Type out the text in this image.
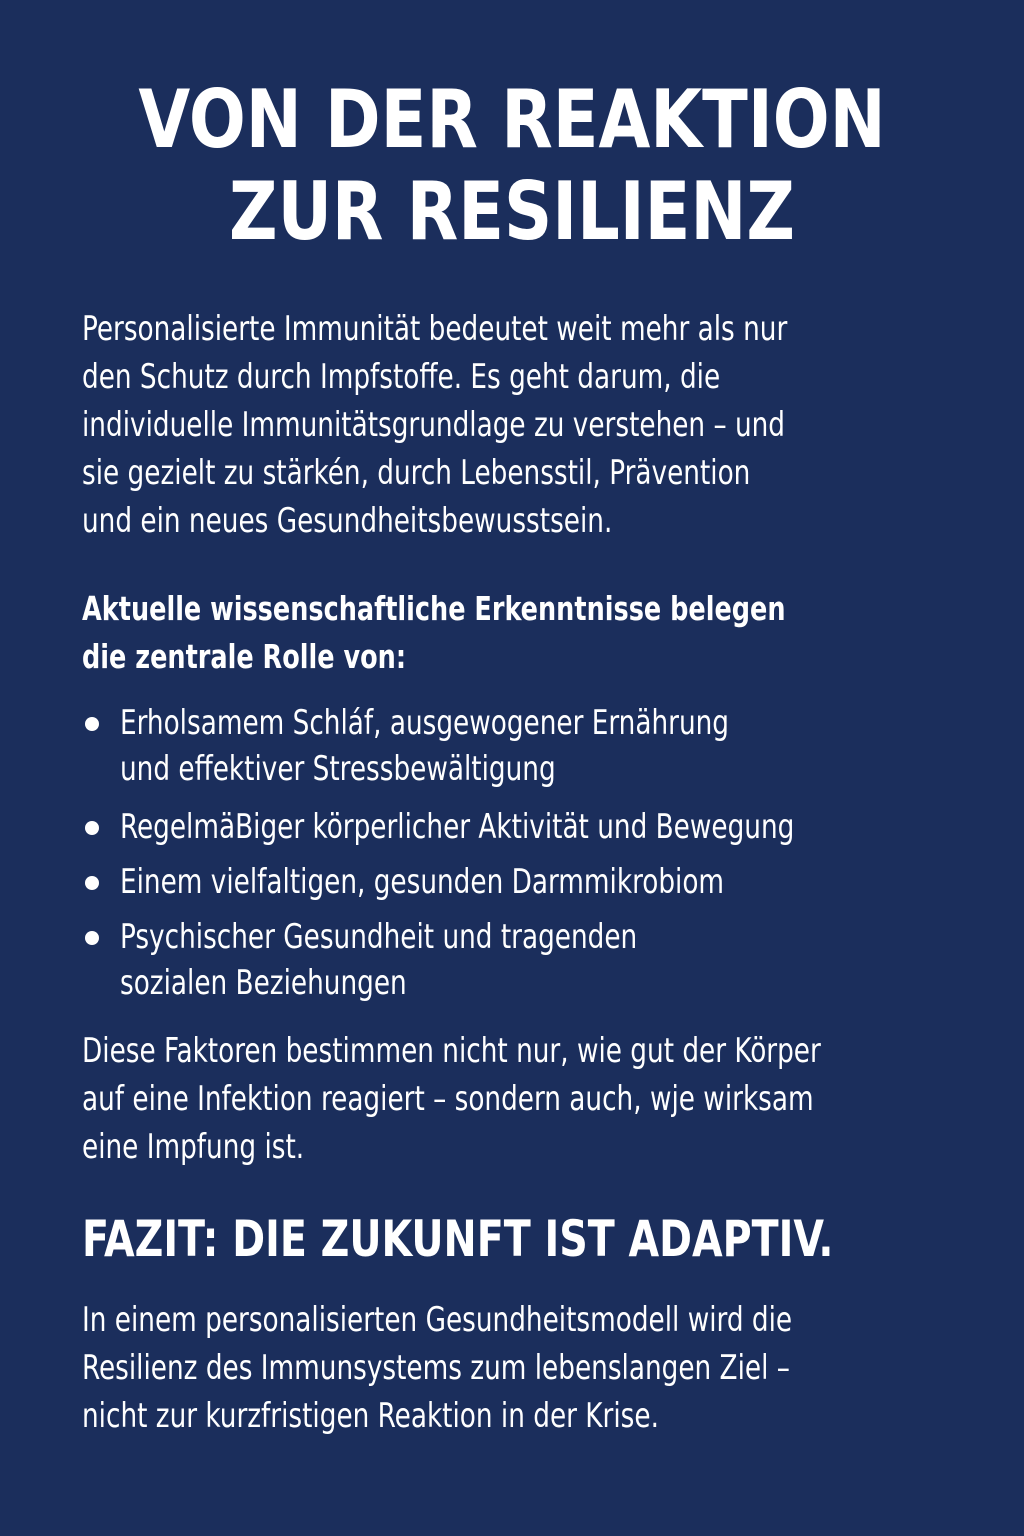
VON DER REAKTION
ZUR RESILIENZ

Personalisierte Immunität bedeutet weit mehr als nur
den Schutz durch Impfstoffe. Es geht darum, die
individuelle Immunitätsgrundlage zu verstehen – und
sie gezielt zu stärkén, durch Lebensstil, Prävention
und ein neues Gesundheitsbewusstsein.

Aktuelle wissenschaftliche Erkenntnisse belegen
die zentrale Rolle von:

Erholsamem Schláf, ausgewogener Ernährung
und effektiver Stressbewältigung
RegelmäBiger körperlicher Aktivität und Bewegung
Einem vielfaltigen, gesunden Darmmikrobiom
Psychischer Gesundheit und tragenden
sozialen Beziehungen

Diese Faktoren bestimmen nicht nur, wie gut der Körper
auf eine Infektion reagiert – sondern auch, wje wirksam
eine Impfung ist.

FAZIT: DIE ZUKUNFT IST ADAPTIV.

In einem personalisierten Gesundheitsmodell wird die
Resilienz des Immunsystems zum lebenslangen Ziel –
nicht zur kurzfristigen Reaktion in der Krise.
